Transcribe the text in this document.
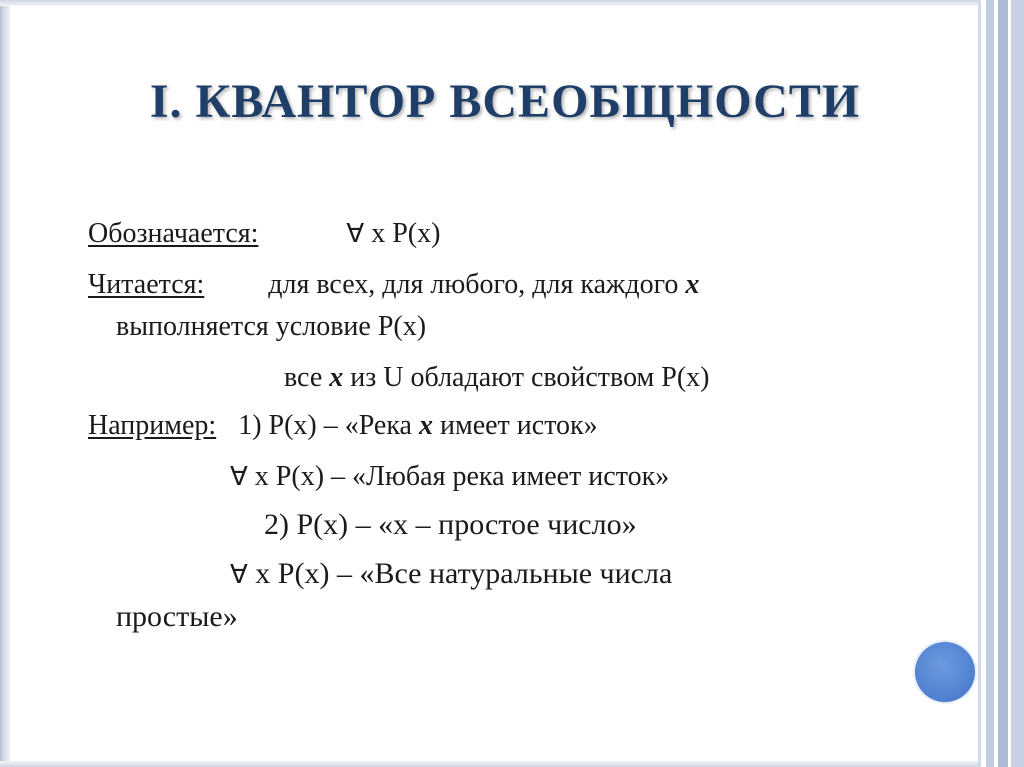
I. КВАНТОР ВСЕОБЩНОСТИ
Обозначается:	∀ x P(x)
Читается: для всех, для любого, для каждого x
выполняется условие P(x)
все x из U обладают свойством P(x)
Например: 1) P(x) – «Река x имеет исток»
∀ x P(x) – «Любая река имеет исток»
2) P(x) – «x – простое число»
∀ x P(x) – «Все натуральные числа
простые»
